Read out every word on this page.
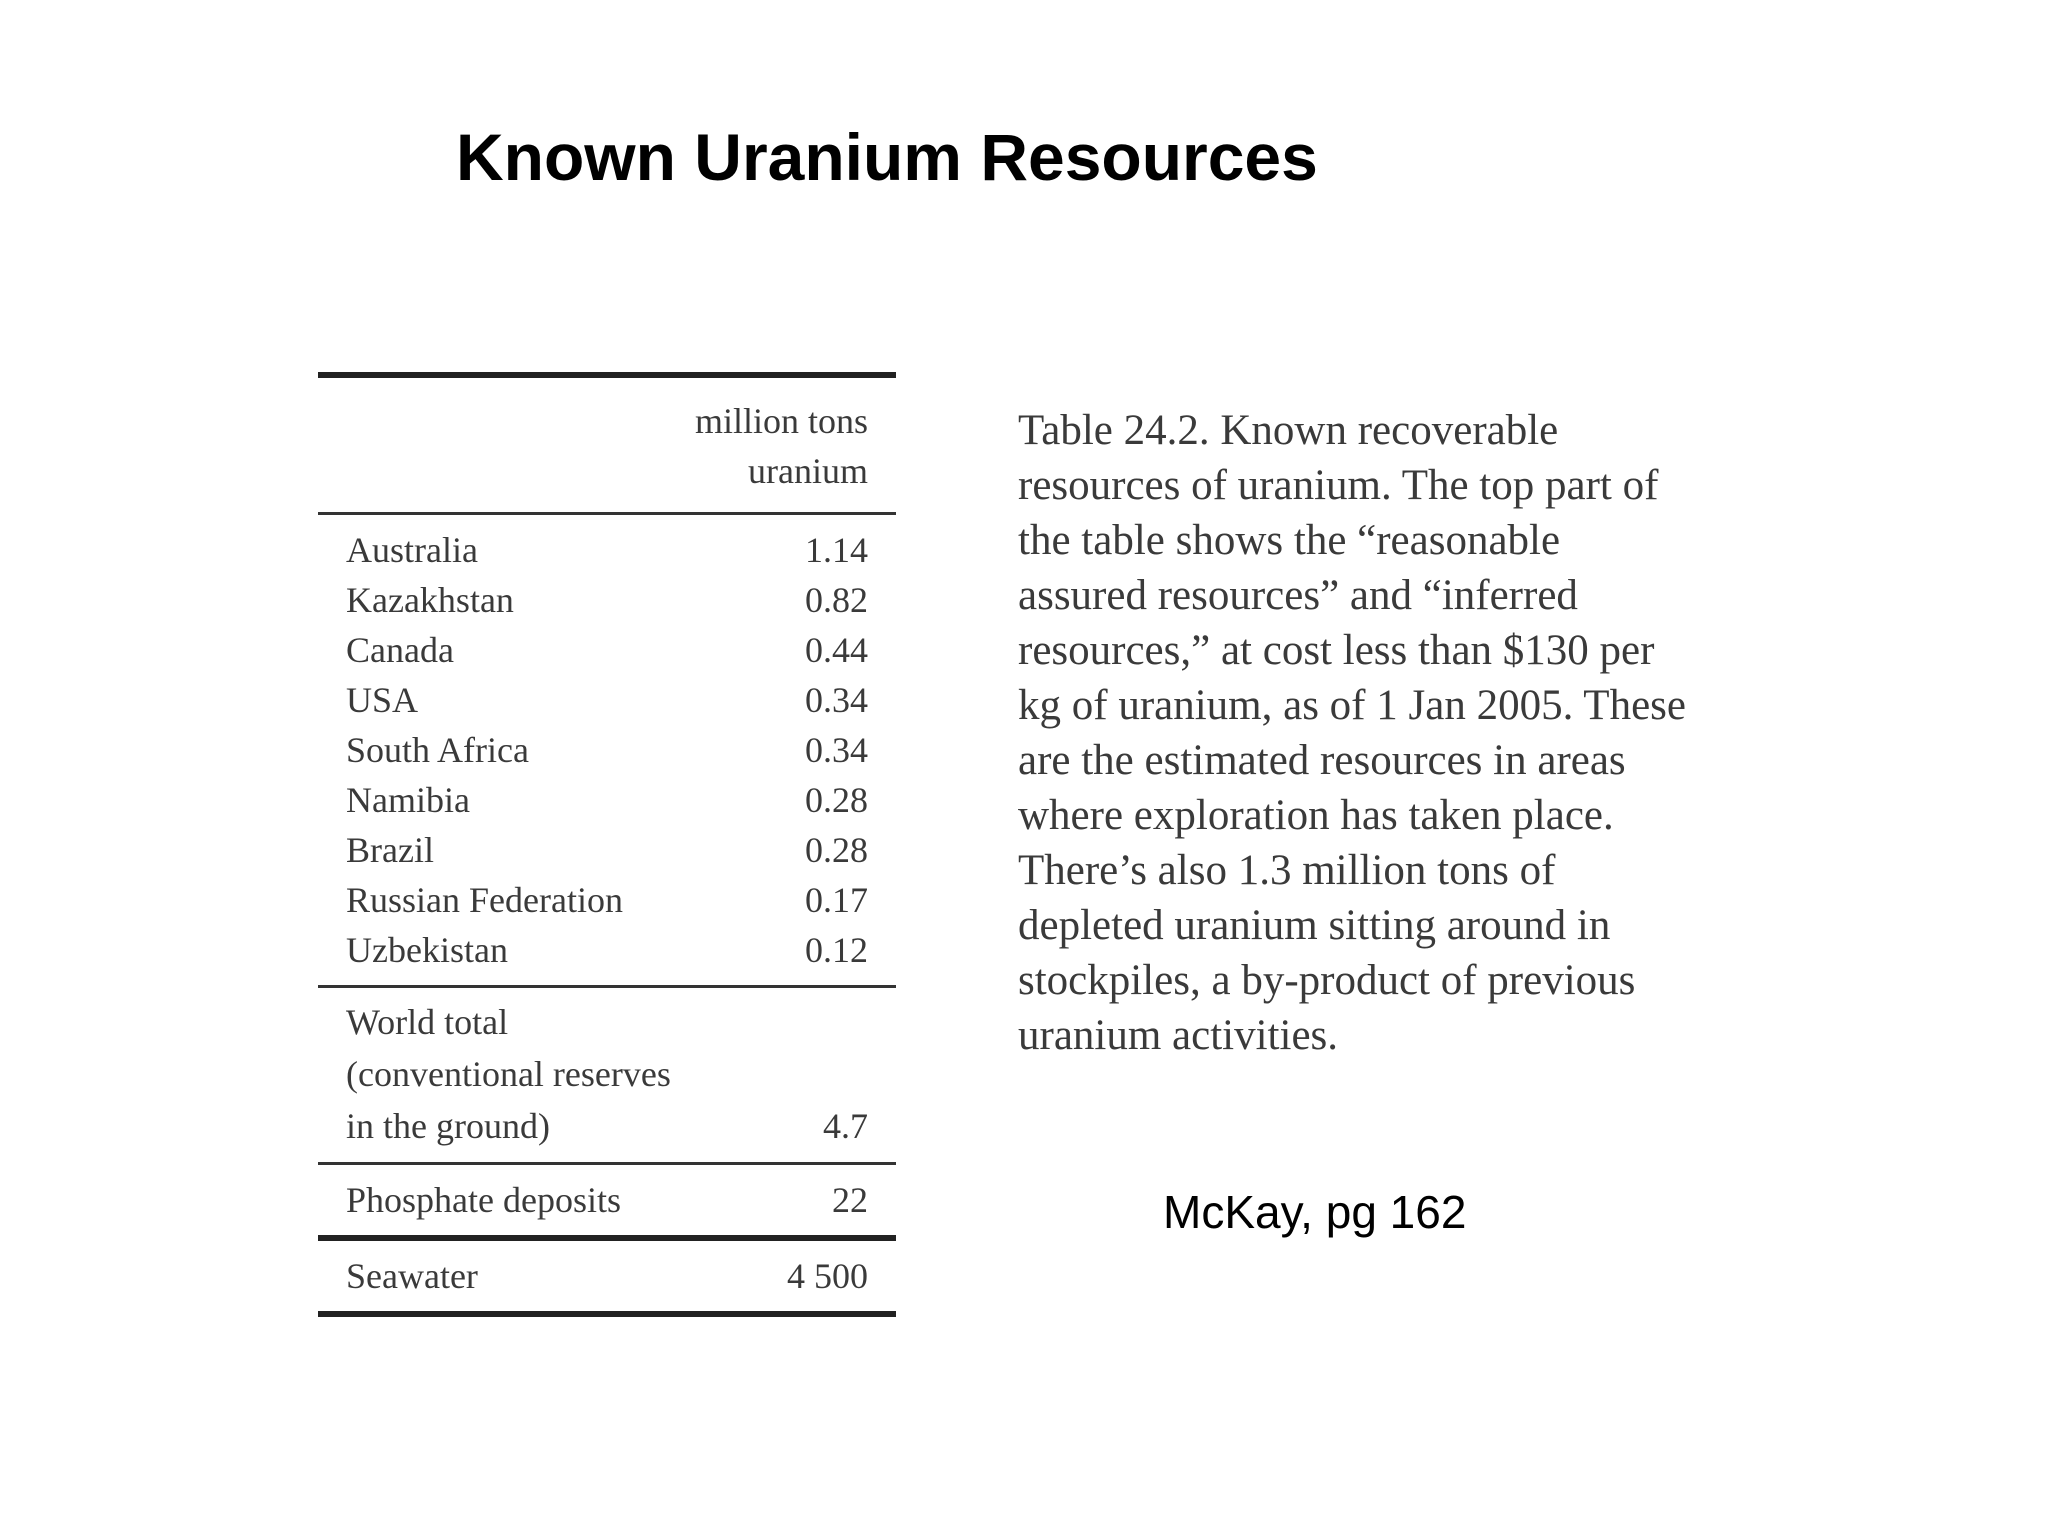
Known Uranium Resources
million tons
uranium
Australia	1.14
Kazakhstan	0.82
Canada	0.44
USA	0.34
South Africa	0.34
Namibia	0.28
Brazil	0.28
Russian Federation	0.17
Uzbekistan	0.12
World total
(conventional reserves
in the ground)	4.7
Phosphate deposits	22
Seawater	4 500
Table 24.2. Known recoverable
resources of uranium. The top part of
the table shows the “reasonable
assured resources” and “inferred
resources,” at cost less than $130 per
kg of uranium, as of 1 Jan 2005. These
are the estimated resources in areas
where exploration has taken place.
There’s also 1.3 million tons of
depleted uranium sitting around in
stockpiles, a by-product of previous
uranium activities.
McKay, pg 162
